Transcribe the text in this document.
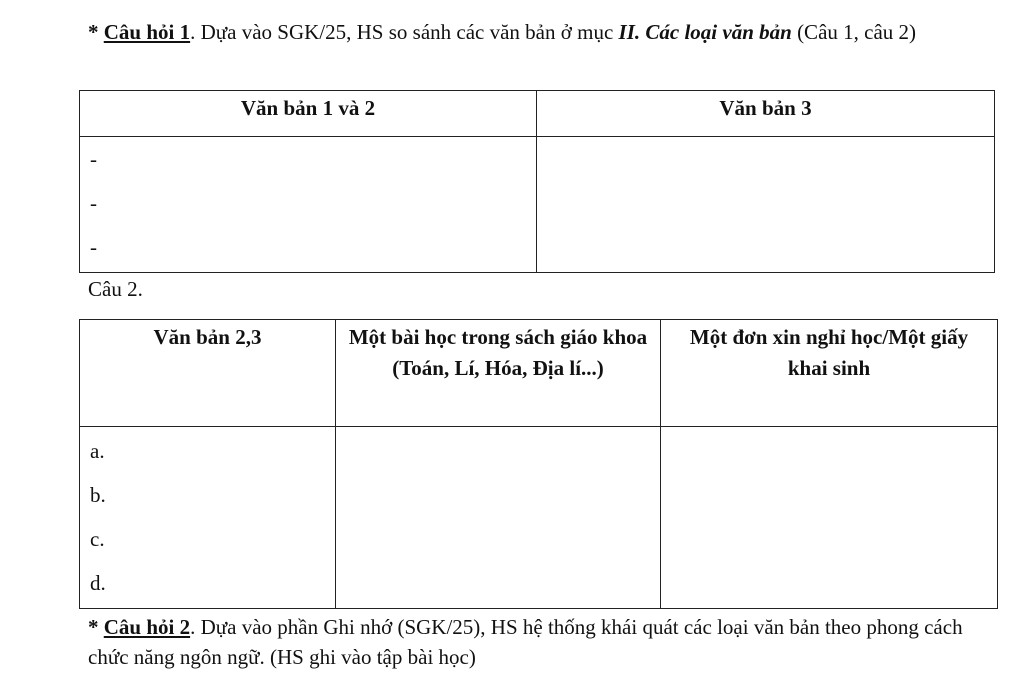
* Câu hỏi 1. Dựa vào SGK/25, HS so sánh các văn bản ở mục II. Các loại văn bản (Câu 1, câu 2)
Văn bản 1 và 2	Văn bản 3

-
-
-	

Câu 2.
Văn bản 2,3	Một bài học trong sách giáo khoa (Toán, Lí, Hóa, Địa lí...)	Một đơn xin nghỉ học/Một giấy khai sinh

a.
b.
c.
d.		

* Câu hỏi 2. Dựa vào phần Ghi nhớ (SGK/25), HS hệ thống khái quát các loại văn bản theo phong cách chức năng ngôn ngữ. (HS ghi vào tập bài học)
